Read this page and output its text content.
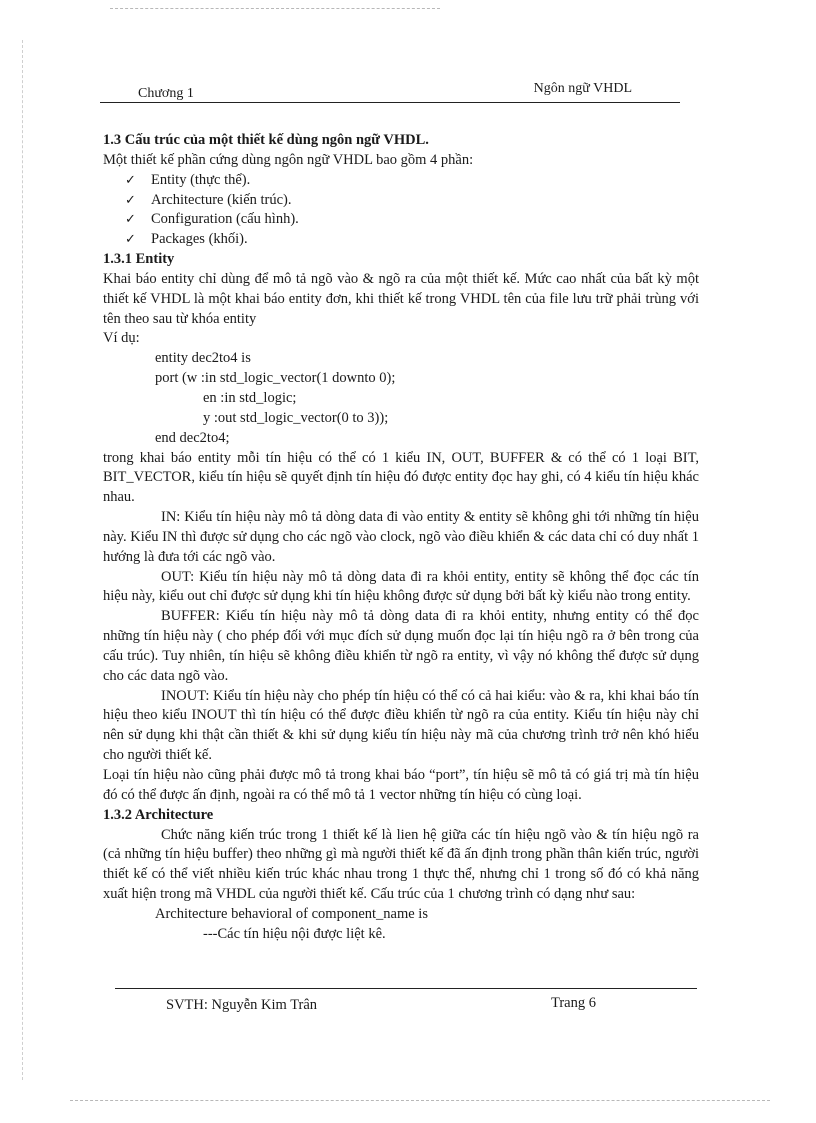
Chương 1	Ngôn ngữ VHDL

1.3 Cấu trúc của một thiết kế dùng ngôn ngữ VHDL.

Một thiết kế phần cứng dùng ngôn ngữ VHDL bao gồm 4 phần:

✓ Entity (thực thể).
✓ Architecture (kiến trúc).
✓ Configuration (cấu hình).
✓ Packages (khối).

1.3.1 Entity

Khai báo entity chỉ dùng để mô tả ngõ vào & ngõ ra của một thiết kế. Mức cao nhất của bất kỳ một thiết kế VHDL là một khai báo entity đơn, khi thiết kế trong VHDL tên của file lưu trữ phải trùng với tên theo sau từ khóa entity

Ví dụ:

entity dec2to4 is

port (w :in std_logic_vector(1 downto 0);

en :in std_logic;

y :out std_logic_vector(0 to 3));

end dec2to4;

trong khai báo entity mỗi tín hiệu có thể có 1 kiểu IN, OUT, BUFFER & có thể có 1 loại BIT, BIT_VECTOR, kiểu tín hiệu sẽ quyết định tín hiệu đó được entity đọc hay ghi, có 4 kiểu tín hiệu khác nhau.

IN: Kiểu tín hiệu này mô tả dòng data đi vào entity & entity sẽ không ghi tới những tín hiệu này. Kiểu IN thì được sử dụng cho các ngõ vào clock, ngõ vào điều khiển & các data chỉ có duy nhất 1 hướng là đưa tới các ngõ vào.

OUT: Kiểu tín hiệu này mô tả dòng data đi ra khỏi entity, entity sẽ không thể đọc các tín hiệu này, kiểu out chỉ được sử dụng khi tín hiệu không được sử dụng bởi bất kỳ kiểu nào trong entity.

BUFFER: Kiểu tín hiệu này mô tả dòng data đi ra khỏi entity, nhưng entity có thể đọc những tín hiệu này ( cho phép đối với mục đích sử dụng muốn đọc lại tín hiệu ngõ ra ở bên trong của cấu trúc). Tuy nhiên, tín hiệu sẽ không điều khiển từ ngõ ra entity, vì vậy nó không thể được sử dụng cho các data ngõ vào.

INOUT: Kiểu tín hiệu này cho phép tín hiệu có thể có cả hai kiểu: vào & ra, khi khai báo tín hiệu theo kiểu INOUT thì tín hiệu có thể được điều khiển từ ngõ ra của entity. Kiểu tín hiệu này chỉ nên sử dụng khi thật cần thiết & khi sử dụng kiểu tín hiệu này mã của chương trình trở nên khó hiểu cho người thiết kế.

Loại tín hiệu nào cũng phải được mô tả trong khai báo “port”, tín hiệu sẽ mô tả có giá trị mà tín hiệu đó có thể được ấn định, ngoài ra có thể mô tả 1 vector những tín hiệu có cùng loại.

1.3.2 Architecture

Chức năng kiến trúc trong 1 thiết kế là lien hệ giữa các tín hiệu ngõ vào & tín hiệu ngõ ra (cả những tín hiệu buffer) theo những gì mà người thiết kế đã ấn định trong phần thân kiến trúc, người thiết kế có thể viết nhiều kiến trúc khác nhau trong 1 thực thể, nhưng chỉ 1 trong số đó có khả năng xuất hiện trong mã VHDL của người thiết kế. Cấu trúc của 1 chương trình có dạng như sau:

Architecture behavioral of component_name is

---Các tín hiệu nội được liệt kê.

SVTH: Nguyễn Kim Trân	Trang 6
